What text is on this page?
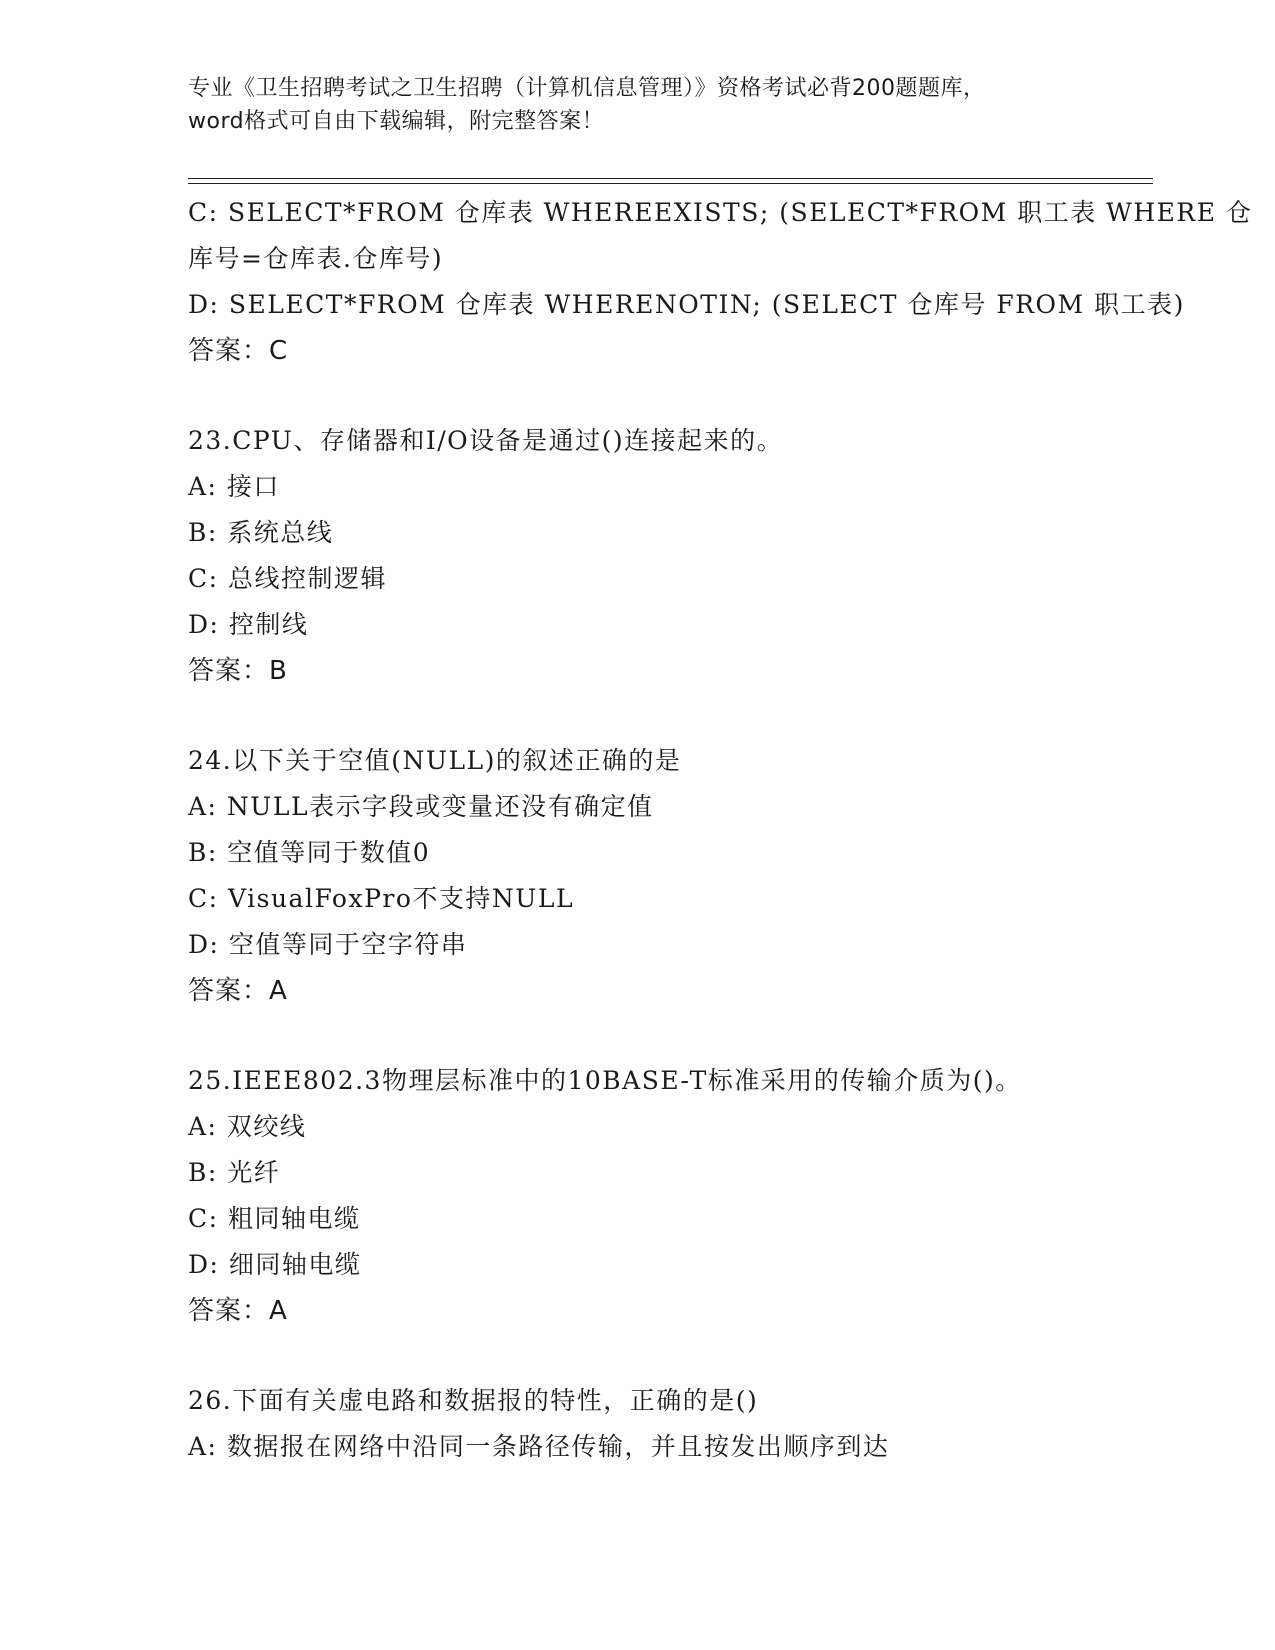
专业《卫生招聘考试之卫生招聘（计算机信息管理）》资格考试必背200题题库，
word格式可自由下载编辑，附完整答案！
C: SELECT*FROM 仓库表 WHEREEXISTS; (SELECT*FROM 职工表 WHERE 仓
库号=仓库表.仓库号)
D: SELECT*FROM 仓库表 WHERENOTIN; (SELECT 仓库号 FROM 职工表)
答案：C
23.CPU、存储器和I/O设备是通过()连接起来的。
A: 接口
B: 系统总线
C: 总线控制逻辑
D: 控制线
答案：B
24.以下关于空值(NULL)的叙述正确的是
A: NULL表示字段或变量还没有确定值
B: 空值等同于数值0
C: VisualFoxPro不支持NULL
D: 空值等同于空字符串
答案：A
25.IEEE802.3物理层标准中的10BASE-T标准采用的传输介质为()。
A: 双绞线
B: 光纤
C: 粗同轴电缆
D: 细同轴电缆
答案：A
26.下面有关虚电路和数据报的特性，正确的是()
A: 数据报在网络中沿同一条路径传输，并且按发出顺序到达
